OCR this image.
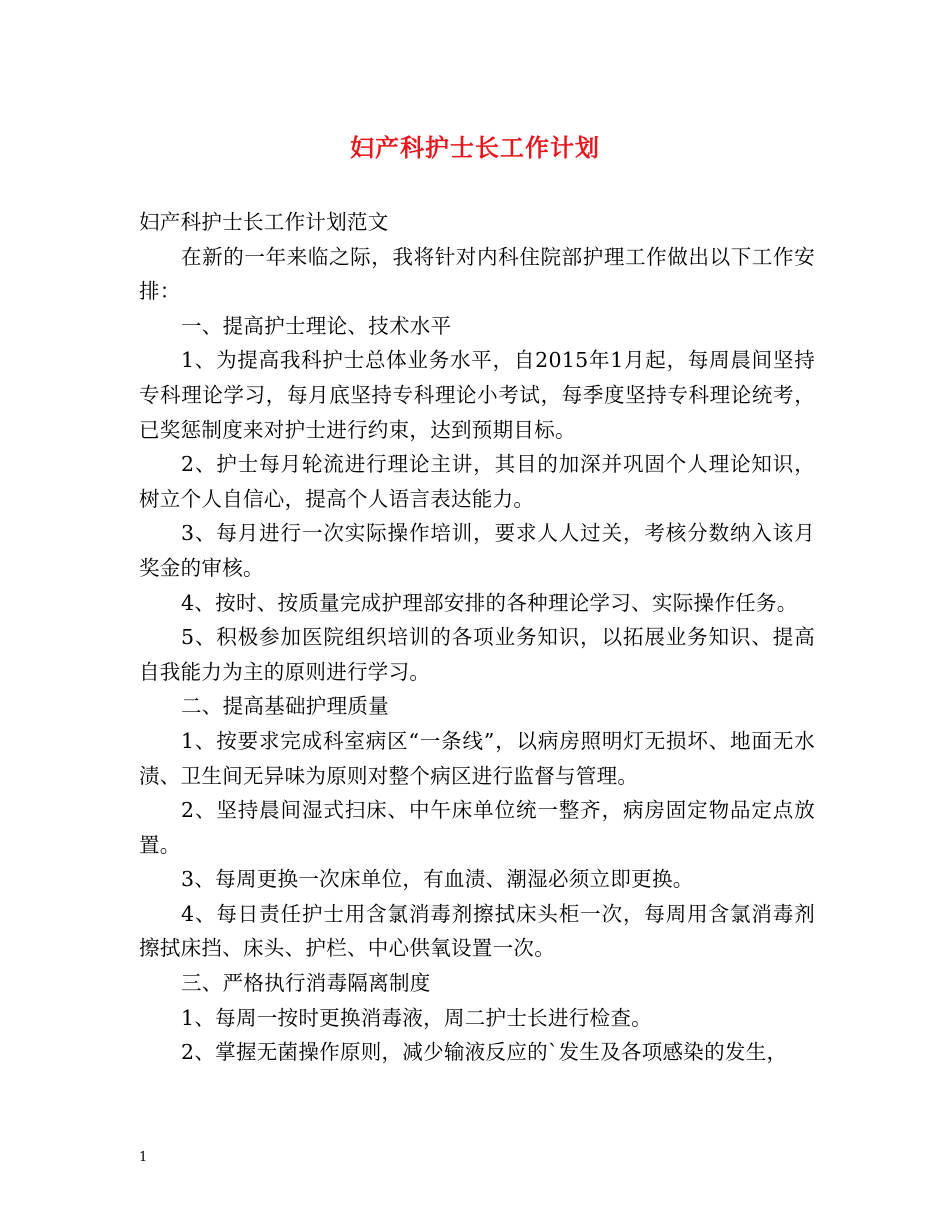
妇产科护士长工作计划

妇产科护士长工作计划范文

在新的一年来临之际，我将针对内科住院部护理工作做出以下工作安排：

一、提高护士理论、技术水平

1、为提高我科护士总体业务水平，自2015年1月起，每周晨间坚持专科理论学习，每月底坚持专科理论小考试，每季度坚持专科理论统考，已奖惩制度来对护士进行约束，达到预期目标。

2、护士每月轮流进行理论主讲，其目的加深并巩固个人理论知识，树立个人自信心，提高个人语言表达能力。

3、每月进行一次实际操作培训，要求人人过关，考核分数纳入该月奖金的审核。

4、按时、按质量完成护理部安排的各种理论学习、实际操作任务。

5、积极参加医院组织培训的各项业务知识，以拓展业务知识、提高自我能力为主的原则进行学习。

二、提高基础护理质量

1、按要求完成科室病区“一条线”，以病房照明灯无损坏、地面无水渍、卫生间无异味为原则对整个病区进行监督与管理。

2、坚持晨间湿式扫床、中午床单位统一整齐，病房固定物品定点放置。

3、每周更换一次床单位，有血渍、潮湿必须立即更换。

4、每日责任护士用含氯消毒剂擦拭床头柜一次，每周用含氯消毒剂擦拭床挡、床头、护栏、中心供氧设置一次。

三、严格执行消毒隔离制度

1、每周一按时更换消毒液，周二护士长进行检查。

2、掌握无菌操作原则，减少输液反应的`发生及各项感染的发生，

1
